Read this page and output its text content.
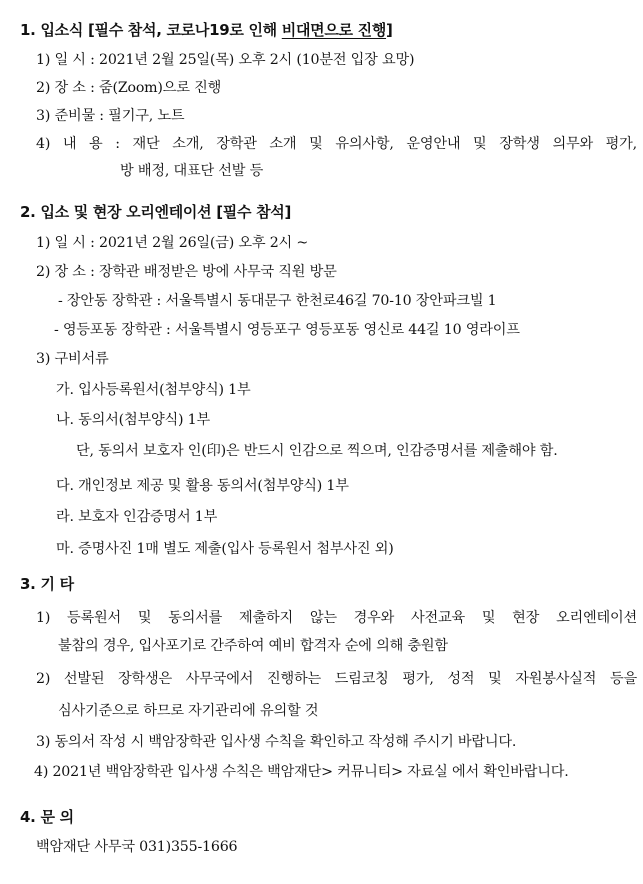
1. 입소식 [필수 참석, 코로나19로 인해 비대면으로 진행]
1) 일 시 : 2021년 2월 25일(목) 오후 2시 (10분전 입장 요망)
2) 장 소 : 줌(Zoom)으로 진행
3) 준비물 : 필기구, 노트
4) 내 용 : 재단 소개, 장학관 소개 및 유의사항, 운영안내 및 장학생 의무와 평가,
방 배정, 대표단 선발 등
2. 입소 및 현장 오리엔테이션 [필수 참석]
1) 일 시 : 2021년 2월 26일(금) 오후 2시 ~
2) 장 소 : 장학관 배정받은 방에 사무국 직원 방문
- 장안동 장학관 : 서울특별시 동대문구 한천로46길 70-10 장안파크빌 1
- 영등포동 장학관 : 서울특별시 영등포구 영등포동 영신로 44길 10 영라이프
3) 구비서류
가. 입사등록원서(첨부양식) 1부
나. 동의서(첨부양식) 1부
단, 동의서 보호자 인(印)은 반드시 인감으로 찍으며, 인감증명서를 제출해야 함.
다. 개인정보 제공 및 활용 동의서(첨부양식) 1부
라. 보호자 인감증명서 1부
마. 증명사진 1매 별도 제출(입사 등록원서 첨부사진 외)
3. 기 타
1) 등록원서 및 동의서를 제출하지 않는 경우와 사전교육 및 현장 오리엔테이션
불참의 경우, 입사포기로 간주하여 예비 합격자 순에 의해 충원함
2) 선발된 장학생은 사무국에서 진행하는 드림코칭 평가, 성적 및 자원봉사실적 등을
심사기준으로 하므로 자기관리에 유의할 것
3) 동의서 작성 시 백암장학관 입사생 수칙을 확인하고 작성해 주시기 바랍니다.
4) 2021년 백암장학관 입사생 수칙은 백암재단> 커뮤니티> 자료실 에서 확인바랍니다.
4. 문 의
백암재단 사무국 031)355-1666
